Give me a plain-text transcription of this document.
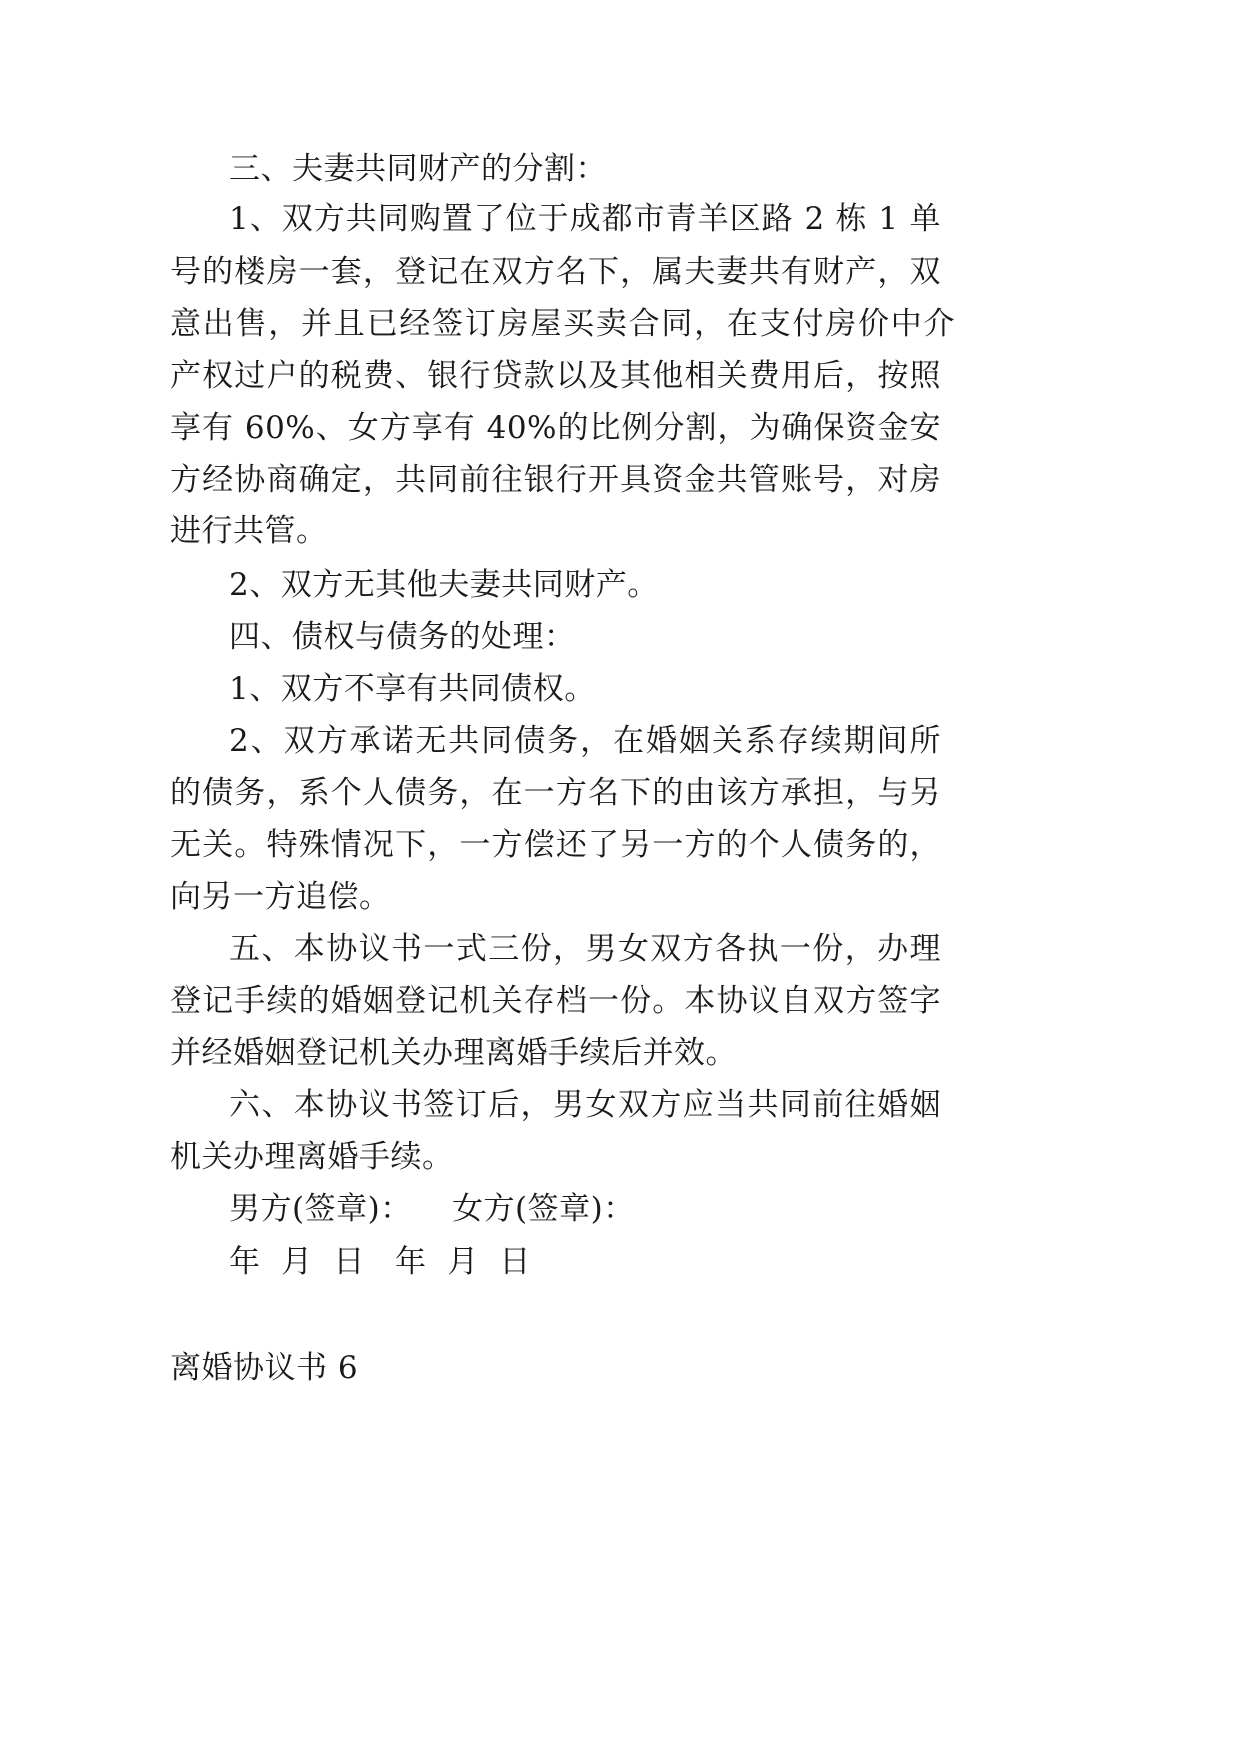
三、夫妻共同财产的分割：
1、双方共同购置了位于成都市青羊区路 2 栋 1 单
号的楼房一套，登记在双方名下，属夫妻共有财产，双
意出售，并且已经签订房屋买卖合同，在支付房价中介
产权过户的税费、银行贷款以及其他相关费用后，按照
享有 60%、女方享有 40%的比例分割，为确保资金安
方经协商确定，共同前往银行开具资金共管账号，对房
进行共管。
2、双方无其他夫妻共同财产。
四、债权与债务的处理：
1、双方不享有共同债权。
2、双方承诺无共同债务，在婚姻关系存续期间所
的债务，系个人债务，在一方名下的由该方承担，与另
无关。特殊情况下，一方偿还了另一方的个人债务的，
向另一方追偿。
五、本协议书一式三份，男女双方各执一份，办理
登记手续的婚姻登记机关存档一份。本协议自双方签字
并经婚姻登记机关办理离婚手续后并效。
六、本协议书签订后，男女双方应当共同前往婚姻
机关办理离婚手续。
男方(签章)： 女方(签章)：
年  月  日 年  月  日
离婚协议书 6
